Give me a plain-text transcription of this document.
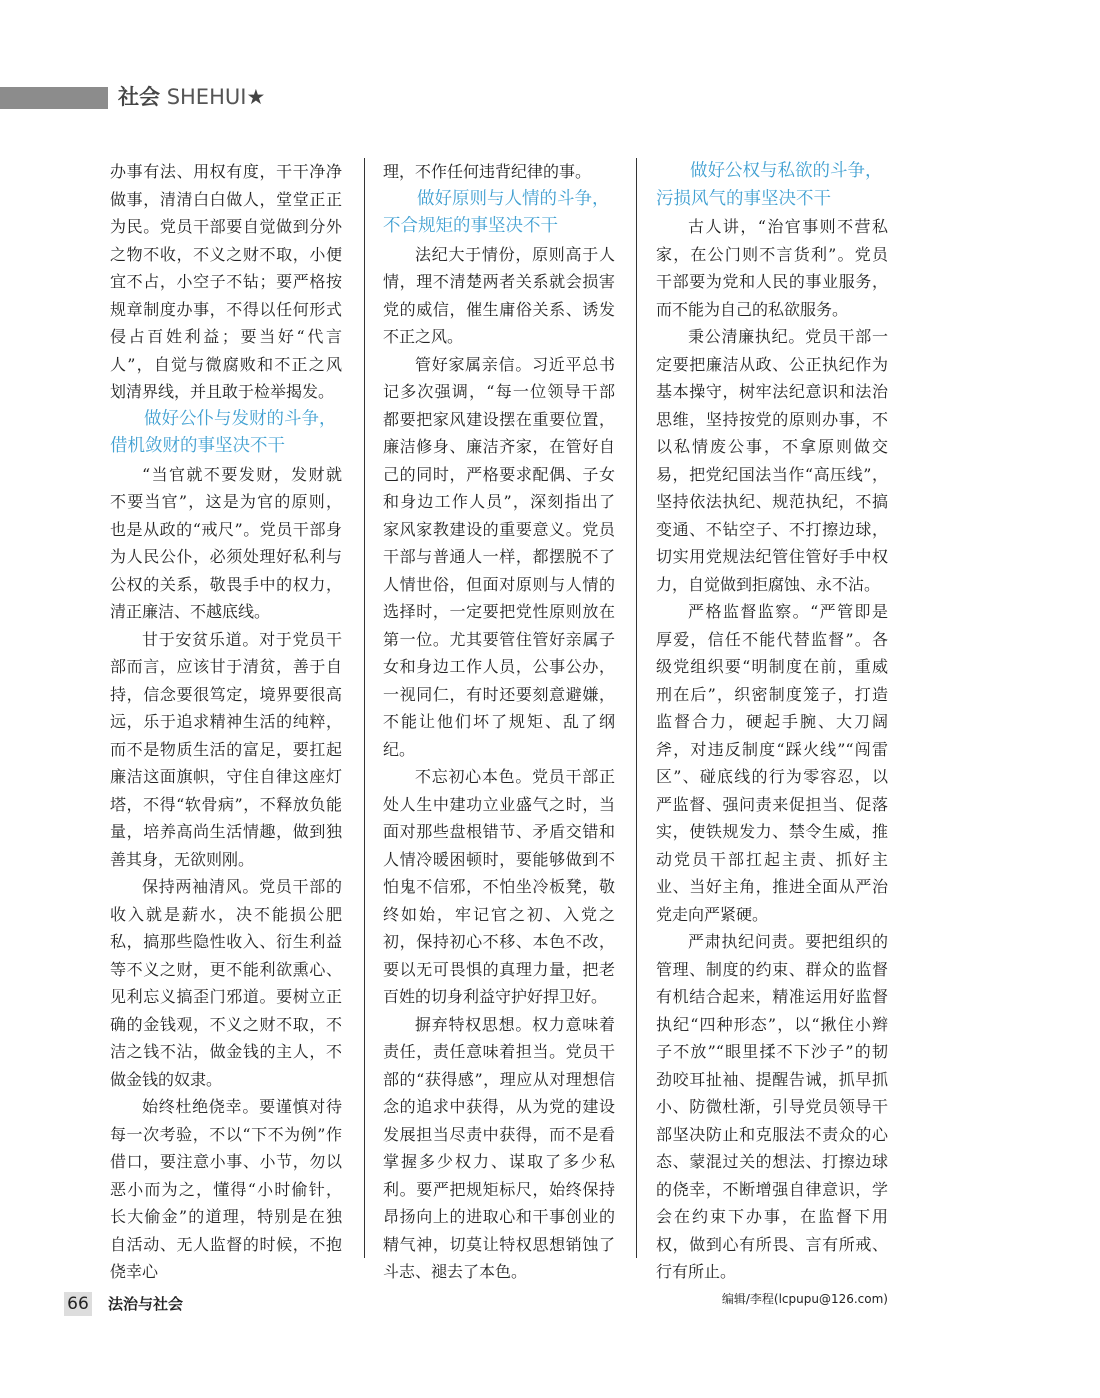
社会 SHEHUI★

办事有法、用权有度，干干净净做事，清清白白做人，堂堂正正为民。党员干部要自觉做到分外之物不收，不义之财不取，小便宜不占，小空子不钻；要严格按规章制度办事，不得以任何形式侵占百姓利益；要当好“代言人”，自觉与微腐败和不正之风划清界线，并且敢于检举揭发。

做好公仆与发财的斗争，
借机敛财的事坚决不干

“当官就不要发财，发财就不要当官”，这是为官的原则，也是从政的“戒尺”。党员干部身为人民公仆，必须处理好私利与公权的关系，敬畏手中的权力，清正廉洁、不越底线。

甘于安贫乐道。对于党员干部而言，应该甘于清贫，善于自持，信念要很笃定，境界要很高远，乐于追求精神生活的纯粹，而不是物质生活的富足，要扛起廉洁这面旗帜，守住自律这座灯塔，不得“软骨病”，不释放负能量，培养高尚生活情趣，做到独善其身，无欲则刚。

保持两袖清风。党员干部的收入就是薪水，决不能损公肥私，搞那些隐性收入、衍生利益等不义之财，更不能利欲熏心、见利忘义搞歪门邪道。要树立正确的金钱观，不义之财不取，不洁之钱不沾，做金钱的主人，不做金钱的奴隶。

始终杜绝侥幸。要谨慎对待每一次考验，不以“下不为例”作借口，要注意小事、小节，勿以恶小而为之，懂得“小时偷针，长大偷金”的道理，特别是在独自活动、无人监督的时候，不抱侥幸心

理，不作任何违背纪律的事。

做好原则与人情的斗争，
不合规矩的事坚决不干

法纪大于情份，原则高于人情，理不清楚两者关系就会损害党的威信，催生庸俗关系、诱发不正之风。

管好家属亲信。习近平总书记多次强调，“每一位领导干部都要把家风建设摆在重要位置，廉洁修身、廉洁齐家，在管好自己的同时，严格要求配偶、子女和身边工作人员”，深刻指出了家风家教建设的重要意义。党员干部与普通人一样，都摆脱不了人情世俗，但面对原则与人情的选择时，一定要把党性原则放在第一位。尤其要管住管好亲属子女和身边工作人员，公事公办，一视同仁，有时还要刻意避嫌，不能让他们坏了规矩、乱了纲纪。

不忘初心本色。党员干部正处人生中建功立业盛气之时，当面对那些盘根错节、矛盾交错和人情冷暖困顿时，要能够做到不怕鬼不信邪，不怕坐冷板凳，敬终如始，牢记官之初、入党之初，保持初心不移、本色不改，要以无可畏惧的真理力量，把老百姓的切身利益守护好捍卫好。

摒弃特权思想。权力意味着责任，责任意味着担当。党员干部的“获得感”，理应从对理想信念的追求中获得，从为党的建设发展担当尽责中获得，而不是看掌握多少权力、谋取了多少私利。要严把规矩标尺，始终保持昂扬向上的进取心和干事创业的精气神，切莫让特权思想销蚀了斗志、褪去了本色。

做好公权与私欲的斗争，
污损风气的事坚决不干

古人讲，“治官事则不营私家，在公门则不言货利”。党员干部要为党和人民的事业服务，而不能为自己的私欲服务。

秉公清廉执纪。党员干部一定要把廉洁从政、公正执纪作为基本操守，树牢法纪意识和法治思维，坚持按党的原则办事，不以私情废公事，不拿原则做交易，把党纪国法当作“高压线”，坚持依法执纪、规范执纪，不搞变通、不钻空子、不打擦边球，切实用党规法纪管住管好手中权力，自觉做到拒腐蚀、永不沾。

严格监督监察。“严管即是厚爱，信任不能代替监督”。各级党组织要“明制度在前，重威刑在后”，织密制度笼子，打造监督合力，硬起手腕、大刀阔斧，对违反制度“踩火线”“闯雷区”、碰底线的行为零容忍，以严监督、强问责来促担当、促落实，使铁规发力、禁令生威，推动党员干部扛起主责、抓好主业、当好主角，推进全面从严治党走向严紧硬。

严肃执纪问责。要把组织的管理、制度的约束、群众的监督有机结合起来，精准运用好监督执纪“四种形态”，以“揪住小辫子不放”“眼里揉不下沙子”的韧劲咬耳扯袖、提醒告诫，抓早抓小、防微杜渐，引导党员领导干部坚决防止和克服法不责众的心态、蒙混过关的想法、打擦边球的侥幸，不断增强自律意识，学会在约束下办事，在监督下用权，做到心有所畏、言有所戒、行有所止。

编辑/李程(lcpupu@126.com)
66 法治与社会
